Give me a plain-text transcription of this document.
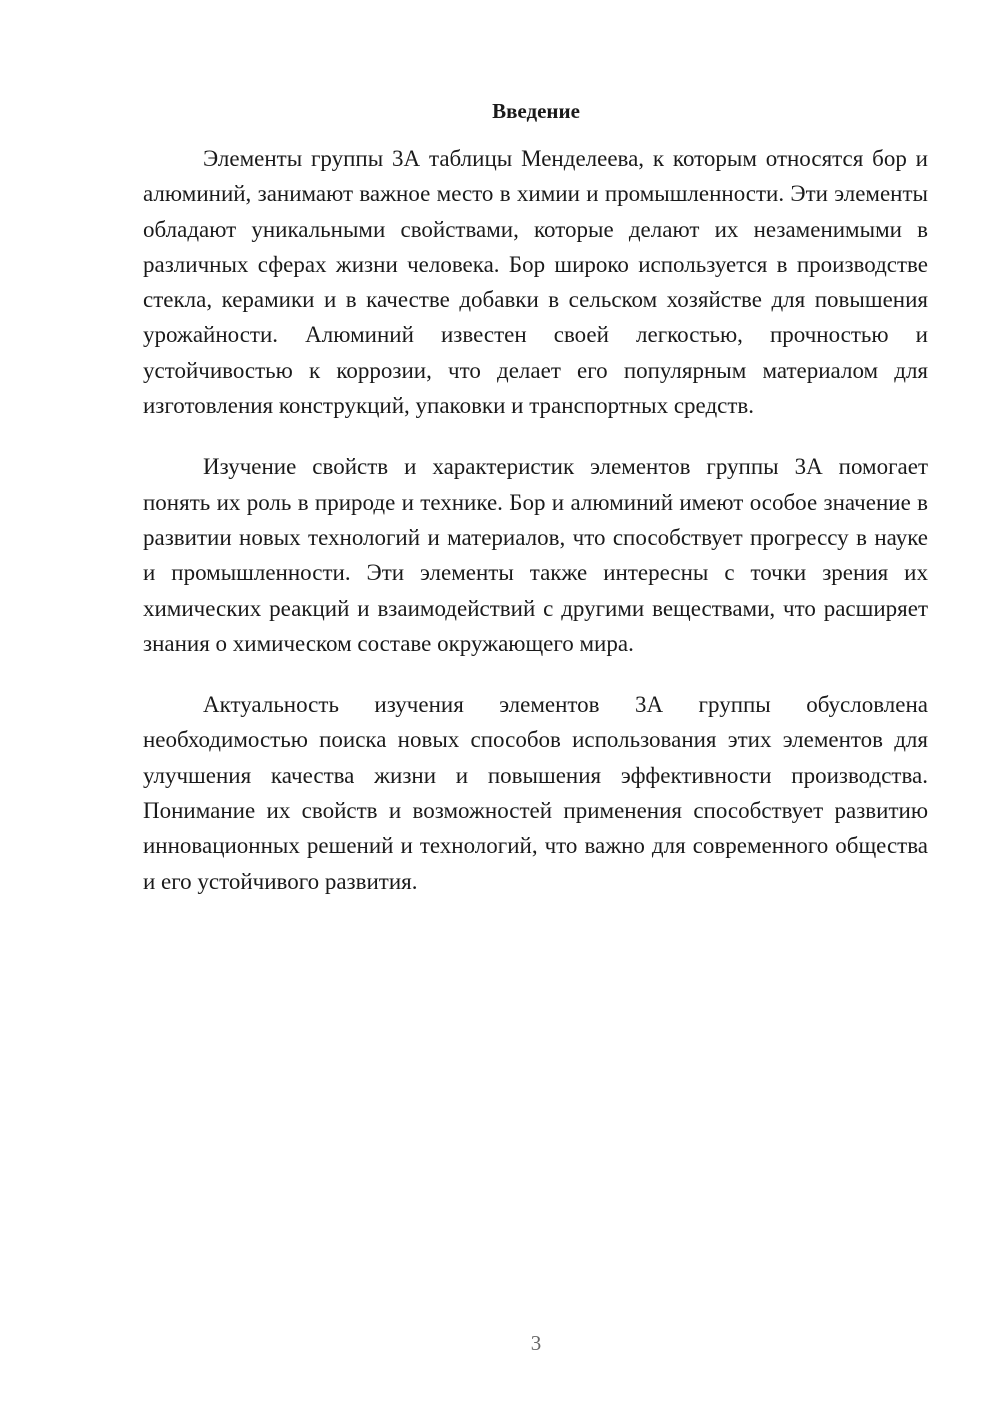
Введение

Элементы группы 3А таблицы Менделеева, к которым относятся бор и алюминий, занимают важное место в химии и промышленности. Эти элементы обладают уникальными свойствами, которые делают их незаменимыми в различных сферах жизни человека. Бор широко используется в производстве стекла, керамики и в качестве добавки в сельском хозяйстве для повышения урожайности. Алюминий известен своей легкостью, прочностью и устойчивостью к коррозии, что делает его популярным материалом для изготовления конструкций, упаковки и транспортных средств.

Изучение свойств и характеристик элементов группы 3А помогает понять их роль в природе и технике. Бор и алюминий имеют особое значение в развитии новых технологий и материалов, что способствует прогрессу в науке и промышленности. Эти элементы также интересны с точки зрения их химических реакций и взаимодействий с другими веществами, что расширяет знания о химическом составе окружающего мира.

Актуальность изучения элементов 3А группы обусловлена необходимостью поиска новых способов использования этих элементов для улучшения качества жизни и повышения эффективности производства. Понимание их свойств и возможностей применения способствует развитию инновационных решений и технологий, что важно для современного общества и его устойчивого развития.

3
